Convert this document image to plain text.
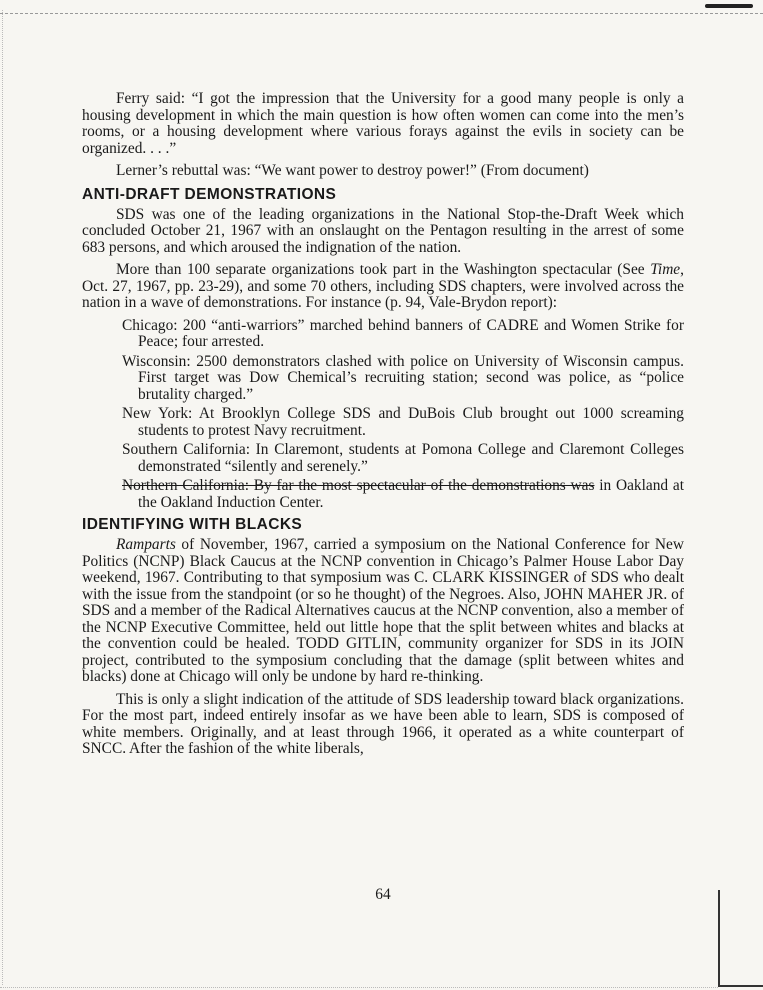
Ferry said: “I got the impression that the University for a good many people is only a housing development in which the main question is how often women can come into the men’s rooms, or a housing development where various forays against the evils in society can be organized. . . .”

Lerner’s rebuttal was: “We want power to destroy power!” (From document)

ANTI-DRAFT DEMONSTRATIONS

SDS was one of the leading organizations in the National Stop-the-Draft Week which concluded October 21, 1967 with an onslaught on the Pentagon resulting in the arrest of some 683 persons, and which aroused the indignation of the nation.

More than 100 separate organizations took part in the Washington spectacular (See Time, Oct. 27, 1967, pp. 23-29), and some 70 others, including SDS chapters, were involved across the nation in a wave of demonstrations. For instance (p. 94, Vale-Brydon report):

Chicago: 200 “anti-warriors” marched behind banners of CADRE and Women Strike for Peace; four arrested.
Wisconsin: 2500 demonstrators clashed with police on University of Wisconsin campus. First target was Dow Chemical’s recruiting station; second was police, as “police brutality charged.”
New York: At Brooklyn College SDS and DuBois Club brought out 1000 screaming students to protest Navy recruitment.
Southern California: In Claremont, students at Pomona College and Claremont Colleges demonstrated “silently and serenely.”
Northern California: By far the most spectacular of the demonstrations was in Oakland at the Oakland Induction Center.
IDENTIFYING WITH BLACKS

Ramparts of November, 1967, carried a symposium on the National Conference for New Politics (NCNP) Black Caucus at the NCNP convention in Chicago’s Palmer House Labor Day weekend, 1967. Contributing to that symposium was C. CLARK KISSINGER of SDS who dealt with the issue from the standpoint (or so he thought) of the Negroes. Also, JOHN MAHER JR. of SDS and a member of the Radical Alternatives caucus at the NCNP convention, also a member of the NCNP Executive Committee, held out little hope that the split between whites and blacks at the convention could be healed. TODD GITLIN, community organizer for SDS in its JOIN project, contributed to the symposium concluding that the damage (split between whites and blacks) done at Chicago will only be undone by hard re-thinking.

This is only a slight indication of the attitude of SDS leadership toward black organizations. For the most part, indeed entirely insofar as we have been able to learn, SDS is composed of white members. Originally, and at least through 1966, it operated as a white counterpart of SNCC. After the fashion of the white liberals,

64
